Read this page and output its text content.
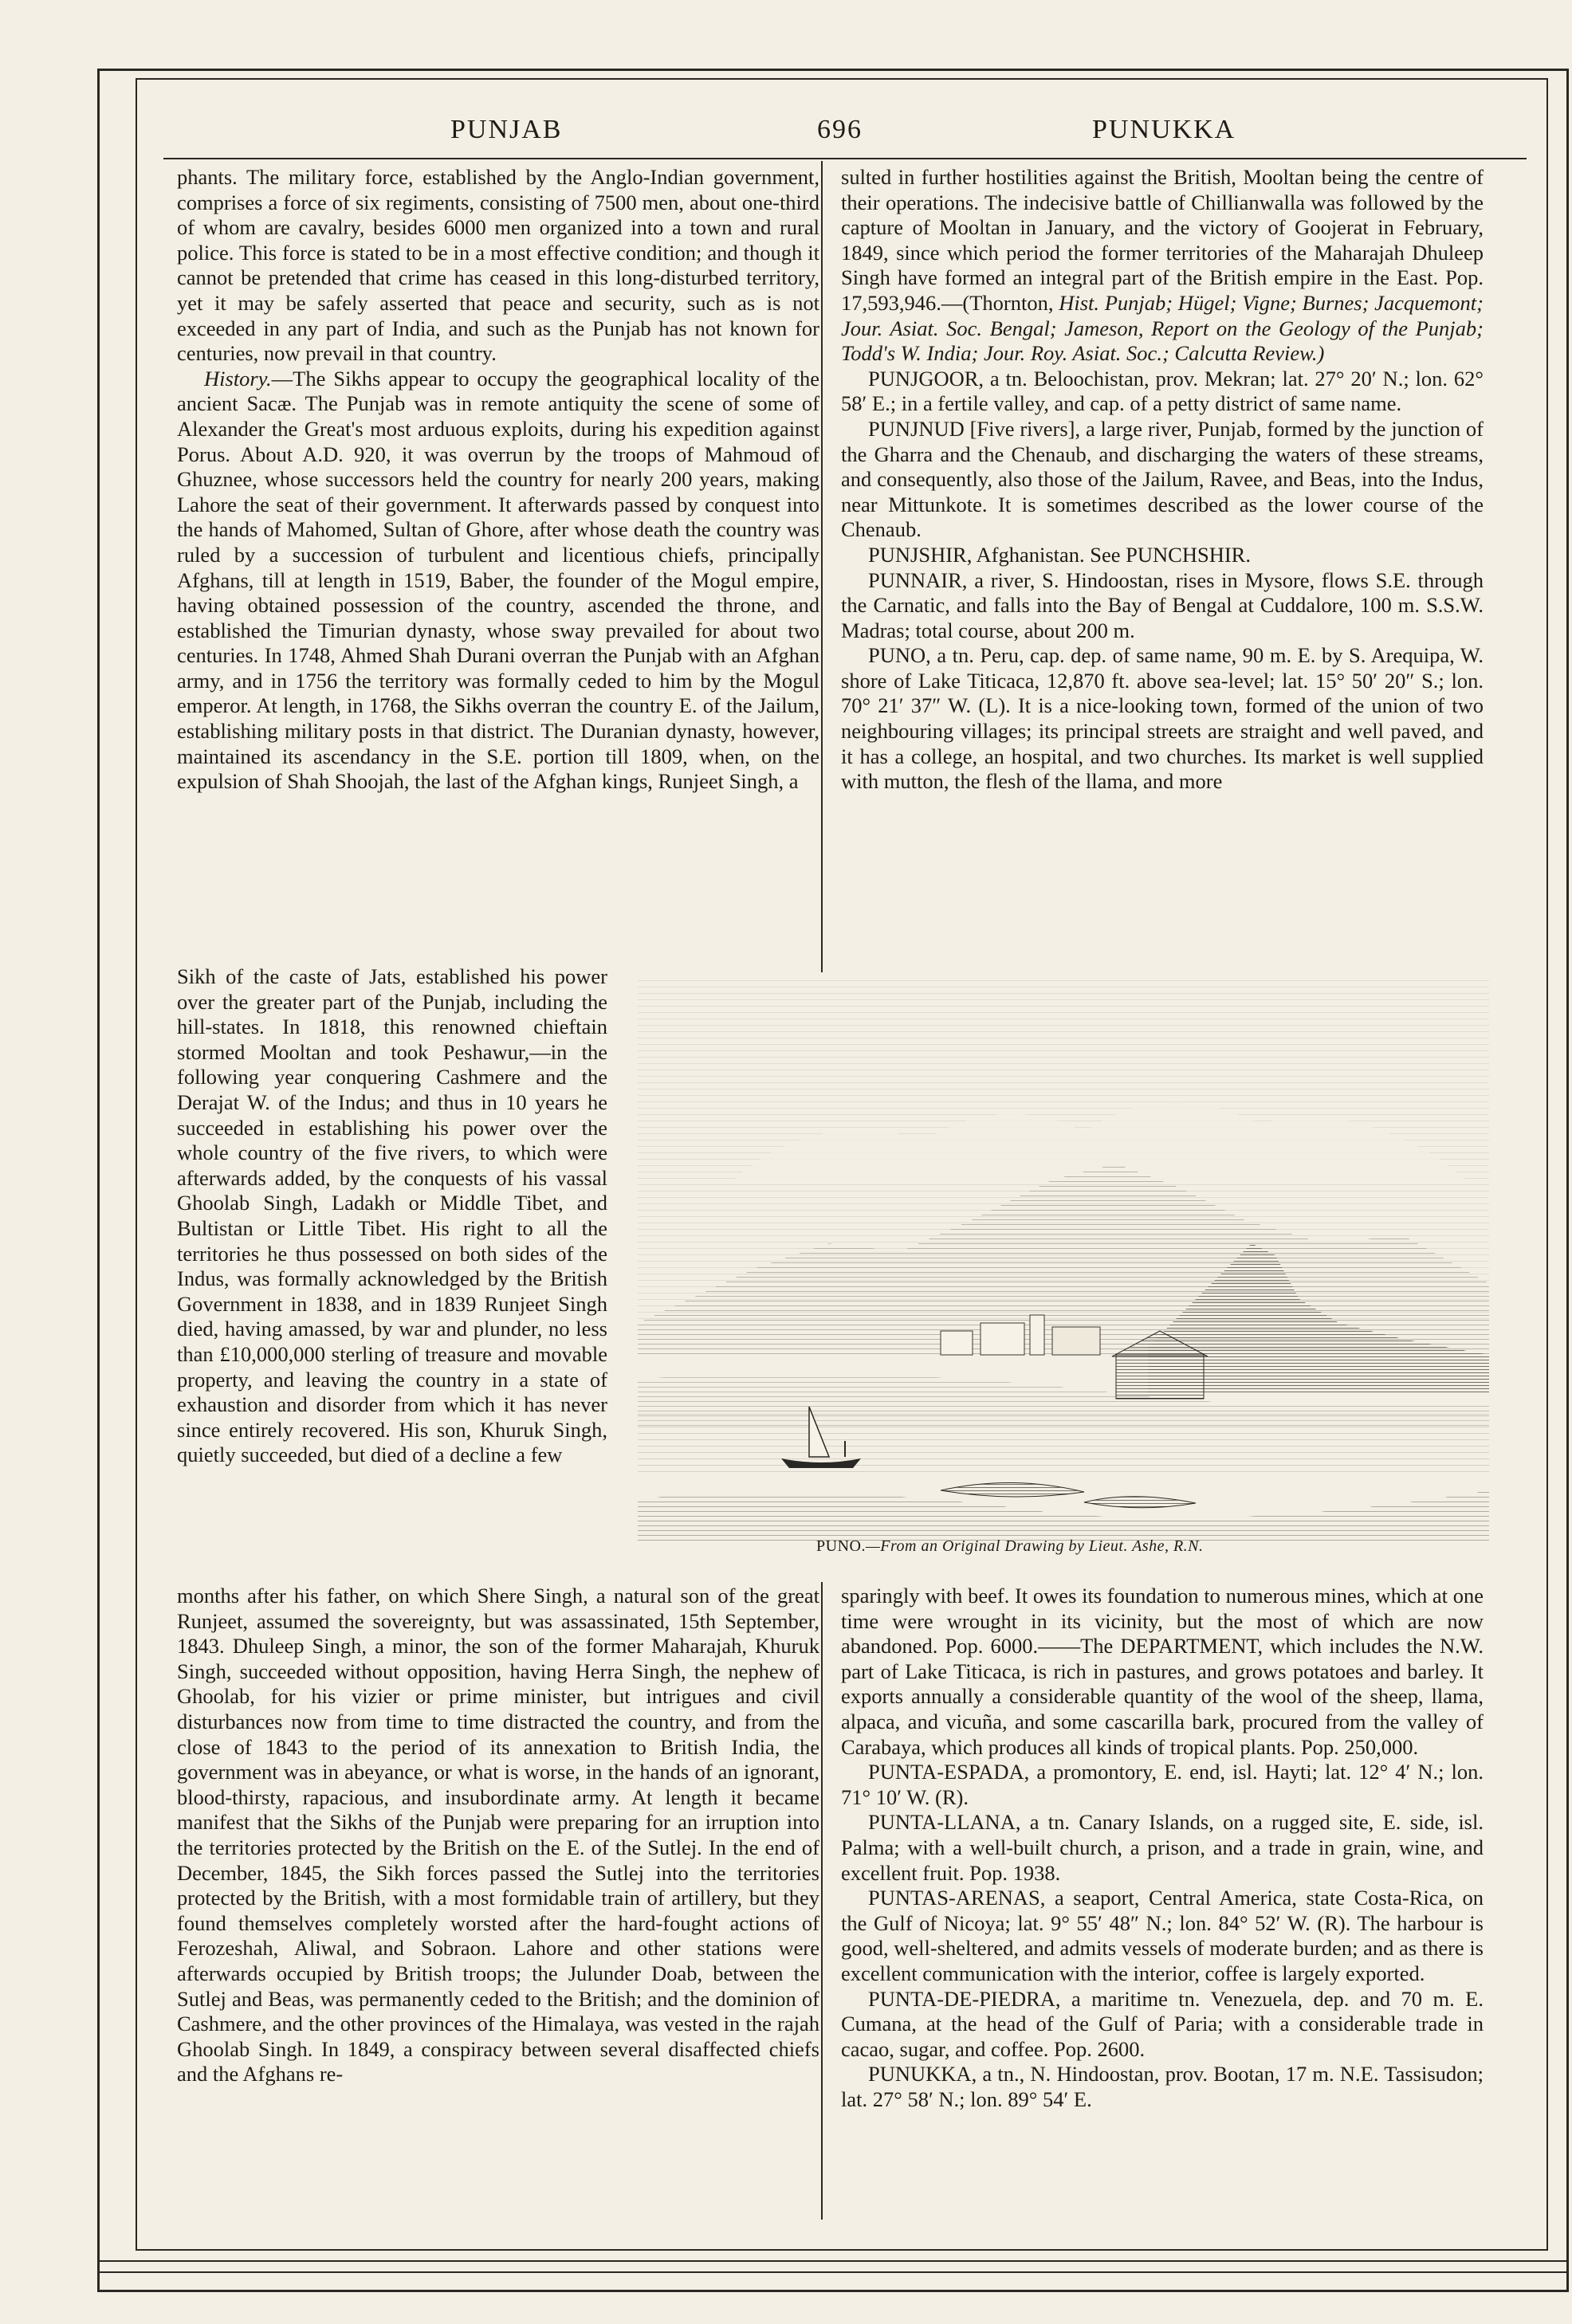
PUNJAB	696	PUNUKKA

phants. The military force, established by the Anglo-Indian government, comprises a force of six regiments, consisting of 7500 men, about one-third of whom are cavalry, besides 6000 men organized into a town and rural police. This force is stated to be in a most effective condition; and though it cannot be pretended that crime has ceased in this long-disturbed territory, yet it may be safely asserted that peace and security, such as is not exceeded in any part of India, and such as the Punjab has not known for centuries, now prevail in that country.

History.—The Sikhs appear to occupy the geographical locality of the ancient Sacæ. The Punjab was in remote antiquity the scene of some of Alexander the Great's most arduous exploits, during his expedition against Porus. About A.D. 920, it was overrun by the troops of Mahmoud of Ghuznee, whose successors held the country for nearly 200 years, making Lahore the seat of their government. It afterwards passed by conquest into the hands of Mahomed, Sultan of Ghore, after whose death the country was ruled by a succession of turbulent and licentious chiefs, principally Afghans, till at length in 1519, Baber, the founder of the Mogul empire, having obtained possession of the country, ascended the throne, and established the Timurian dynasty, whose sway prevailed for about two centuries. In 1748, Ahmed Shah Durani overran the Punjab with an Afghan army, and in 1756 the territory was formally ceded to him by the Mogul emperor. At length, in 1768, the Sikhs overran the country E. of the Jailum, establishing military posts in that district. The Duranian dynasty, however, maintained its ascendancy in the S.E. portion till 1809, when, on the expulsion of Shah Shoojah, the last of the Afghan kings, Runjeet Singh, a

Sikh of the caste of Jats, established his power over the greater part of the Punjab, including the hill-states. In 1818, this renowned chieftain stormed Mooltan and took Peshawur,—in the following year conquering Cashmere and the Derajat W. of the Indus; and thus in 10 years he succeeded in establishing his power over the whole country of the five rivers, to which were afterwards added, by the conquests of his vassal Ghoolab Singh, Ladakh or Middle Tibet, and Bultistan or Little Tibet. His right to all the territories he thus possessed on both sides of the Indus, was formally acknowledged by the British Government in 1838, and in 1839 Runjeet Singh died, having amassed, by war and plunder, no less than £10,000,000 sterling of treasure and movable property, and leaving the country in a state of exhaustion and disorder from which it has never since entirely recovered. His son, Khuruk Singh, quietly succeeded, but died of a decline a few

months after his father, on which Shere Singh, a natural son of the great Runjeet, assumed the sovereignty, but was assassinated, 15th September, 1843. Dhuleep Singh, a minor, the son of the former Maharajah, Khuruk Singh, succeeded without opposition, having Herra Singh, the nephew of Ghoolab, for his vizier or prime minister, but intrigues and civil disturbances now from time to time distracted the country, and from the close of 1843 to the period of its annexation to British India, the government was in abeyance, or what is worse, in the hands of an ignorant, blood-thirsty, rapacious, and insubordinate army. At length it became manifest that the Sikhs of the Punjab were preparing for an irruption into the territories protected by the British on the E. of the Sutlej. In the end of December, 1845, the Sikh forces passed the Sutlej into the territories protected by the British, with a most formidable train of artillery, but they found themselves completely worsted after the hard-fought actions of Ferozeshah, Aliwal, and Sobraon. Lahore and other stations were afterwards occupied by British troops; the Julunder Doab, between the Sutlej and Beas, was permanently ceded to the British; and the dominion of Cashmere, and the other provinces of the Himalaya, was vested in the rajah Ghoolab Singh. In 1849, a conspiracy between several disaffected chiefs and the Afghans re-

sulted in further hostilities against the British, Mooltan being the centre of their operations. The indecisive battle of Chillianwalla was followed by the capture of Mooltan in January, and the victory of Goojerat in February, 1849, since which period the former territories of the Maharajah Dhuleep Singh have formed an integral part of the British empire in the East. Pop. 17,593,946.—(Thornton, Hist. Punjab; Hügel; Vigne; Burnes; Jacquemont; Jour. Asiat. Soc. Bengal; Jameson, Report on the Geology of the Punjab; Todd's W. India; Jour. Roy. Asiat. Soc.; Calcutta Review.)

PUNJGOOR, a tn. Beloochistan, prov. Mekran; lat. 27° 20′ N.; lon. 62° 58′ E.; in a fertile valley, and cap. of a petty district of same name.

PUNJNUD [Five rivers], a large river, Punjab, formed by the junction of the Gharra and the Chenaub, and discharging the waters of these streams, and consequently, also those of the Jailum, Ravee, and Beas, into the Indus, near Mittunkote. It is sometimes described as the lower course of the Chenaub.

PUNJSHIR, Afghanistan. See PUNCHSHIR.

PUNNAIR, a river, S. Hindoostan, rises in Mysore, flows S.E. through the Carnatic, and falls into the Bay of Bengal at Cuddalore, 100 m. S.S.W. Madras; total course, about 200 m.

PUNO, a tn. Peru, cap. dep. of same name, 90 m. E. by S. Arequipa, W. shore of Lake Titicaca, 12,870 ft. above sea-level; lat. 15° 50′ 20″ S.; lon. 70° 21′ 37″ W. (L). It is a nice-looking town, formed of the union of two neighbouring villages; its principal streets are straight and well paved, and it has a college, an hospital, and two churches. Its market is well supplied with mutton, the flesh of the llama, and more

PUNO.—From an Original Drawing by Lieut. Ashe, R.N.

sparingly with beef. It owes its foundation to numerous mines, which at one time were wrought in its vicinity, but the most of which are now abandoned. Pop. 6000.——The DEPARTMENT, which includes the N.W. part of Lake Titicaca, is rich in pastures, and grows potatoes and barley. It exports annually a considerable quantity of the wool of the sheep, llama, alpaca, and vicuña, and some cascarilla bark, procured from the valley of Carabaya, which produces all kinds of tropical plants. Pop. 250,000.

PUNTA-ESPADA, a promontory, E. end, isl. Hayti; lat. 12° 4′ N.; lon. 71° 10′ W. (R).

PUNTA-LLANA, a tn. Canary Islands, on a rugged site, E. side, isl. Palma; with a well-built church, a prison, and a trade in grain, wine, and excellent fruit. Pop. 1938.

PUNTAS-ARENAS, a seaport, Central America, state Costa-Rica, on the Gulf of Nicoya; lat. 9° 55′ 48″ N.; lon. 84° 52′ W. (R). The harbour is good, well-sheltered, and admits vessels of moderate burden; and as there is excellent communication with the interior, coffee is largely exported.

PUNTA-DE-PIEDRA, a maritime tn. Venezuela, dep. and 70 m. E. Cumana, at the head of the Gulf of Paria; with a considerable trade in cacao, sugar, and coffee. Pop. 2600.

PUNUKKA, a tn., N. Hindoostan, prov. Bootan, 17 m. N.E. Tassisudon; lat. 27° 58′ N.; lon. 89° 54′ E.
